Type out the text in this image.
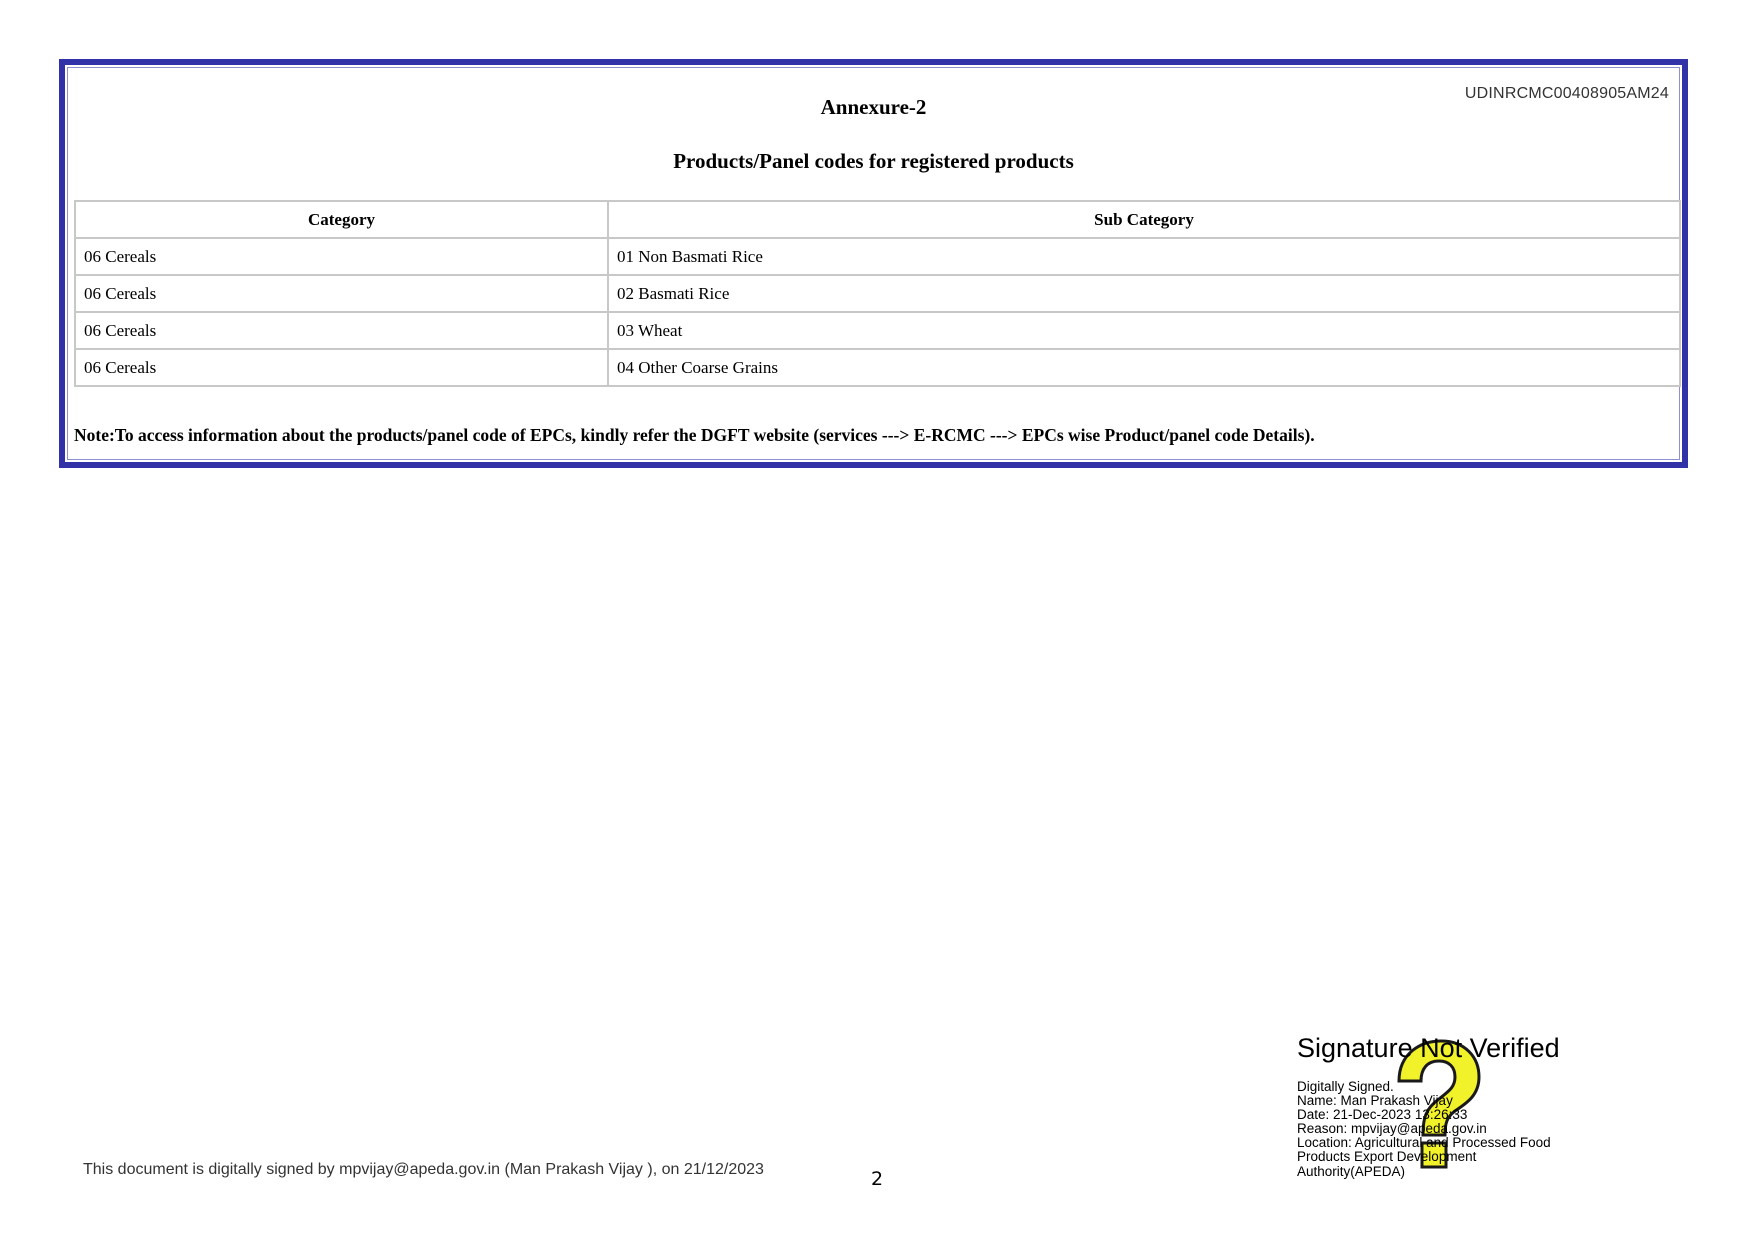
UDINRCMC00408905AM24
Annexure-2
Products/Panel codes for registered products
Category	Sub Category
06 Cereals	01 Non Basmati Rice
06 Cereals	02 Basmati Rice
06 Cereals	03 Wheat
06 Cereals	04 Other Coarse Grains
Note:To access information about the products/panel code of EPCs, kindly refer the DGFT website (services ---> E-RCMC ---> EPCs wise Product/panel code Details).
This document is digitally signed by mpvijay@apeda.gov.in (Man Prakash Vijay ), on 21/12/2023	2
Signature Not Verified
Digitally Signed.
Name: Man Prakash Vijay
Date: 21-Dec-2023 13:26:33
Reason: mpvijay@apeda.gov.in
Location: Agricultural and Processed Food
Products Export Development
Authority(APEDA)
